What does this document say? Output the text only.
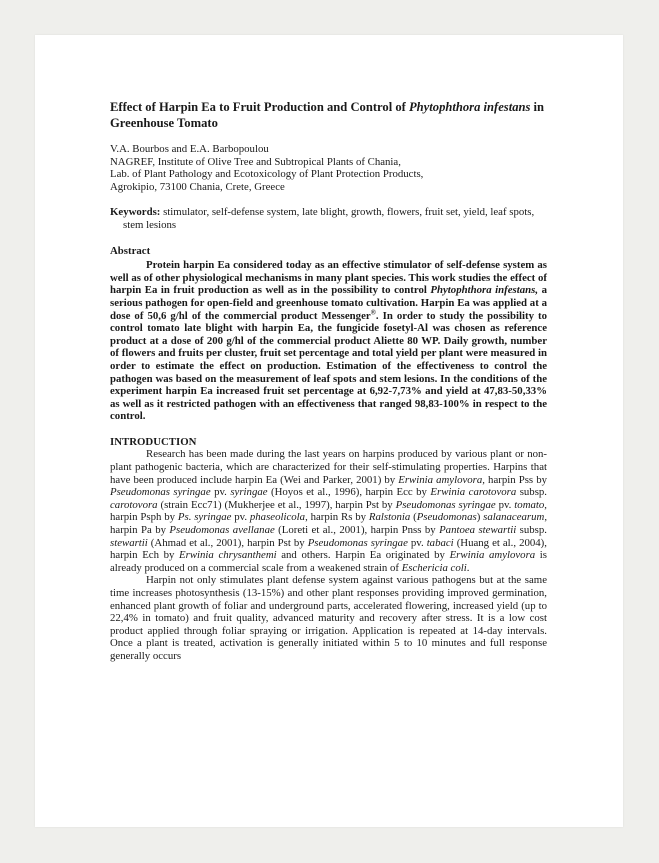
Effect of Harpin Ea to Fruit Production and Control of Phytophthora infestans in Greenhouse Tomato

V.A. Bourbos and E.A. Barbopoulou

NAGREF, Institute of Olive Tree and Subtropical Plants of Chania,

Lab. of Plant Pathology and Ecotoxicology of Plant Protection Products,

Agrokipio, 73100 Chania, Crete, Greece

Keywords: stimulator, self-defense system, late blight, growth, flowers, fruit set, yield, leaf spots, stem lesions

Abstract

Protein harpin Ea considered today as an effective stimulator of self-defense system as well as of other physiological mechanisms in many plant species. This work studies the effect of harpin Ea in fruit production as well as in the possibility to control Phytophthora infestans, a serious pathogen for open-field and greenhouse tomato cultivation. Harpin Ea was applied at a dose of 50,6 g/hl of the commercial product Messenger®. In order to study the possibility to control tomato late blight with harpin Ea, the fungicide fosetyl-Al was chosen as reference product at a dose of 200 g/hl of the commercial product Aliette 80 WP. Daily growth, number of flowers and fruits per cluster, fruit set percentage and total yield per plant were measured in order to estimate the effect on production. Estimation of the effectiveness to control the pathogen was based on the measurement of leaf spots and stem lesions. In the conditions of the experiment harpin Ea increased fruit set percentage at 6,92-7,73% and yield at 47,83-50,33% as well as it restricted pathogen with an effectiveness that ranged 98,83-100% in respect to the control.

INTRODUCTION

Research has been made during the last years on harpins produced by various plant or non-plant pathogenic bacteria, which are characterized for their self-stimulating properties. Harpins that have been produced include harpin Ea (Wei and Parker, 2001) by Erwinia amylovora, harpin Pss by Pseudomonas syringae pv. syringae (Hoyos et al., 1996), harpin Ecc by Erwinia carotovora subsp. carotovora (strain Ecc71) (Mukherjee et al., 1997), harpin Pst by Pseudomonas syringae pv. tomato, harpin Psph by Ps. syringae pv. phaseolicola, harpin Rs by Ralstonia (Pseudomonas) salanacearum, harpin Pa by Pseudomonas avellanae (Loreti et al., 2001), harpin Pnss by Pantoea stewartii subsp. stewartii (Ahmad et al., 2001), harpin Pst by Pseudomonas syringae pv. tabaci (Huang et al., 2004), harpin Ech by Erwinia chrysanthemi and others. Harpin Ea originated by Erwinia amylovora is already produced on a commercial scale from a weakened strain of Eschericia coli.

Harpin not only stimulates plant defense system against various pathogens but at the same time increases photosynthesis (13-15%) and other plant responses providing improved germination, enhanced plant growth of foliar and underground parts, accelerated flowering, increased yield (up to 22,4% in tomato) and fruit quality, advanced maturity and recovery after stress. It is a low cost product applied through foliar spraying or irrigation. Application is repeated at 14-day intervals. Once a plant is treated, activation is generally initiated within 5 to 10 minutes and full response generally occurs
